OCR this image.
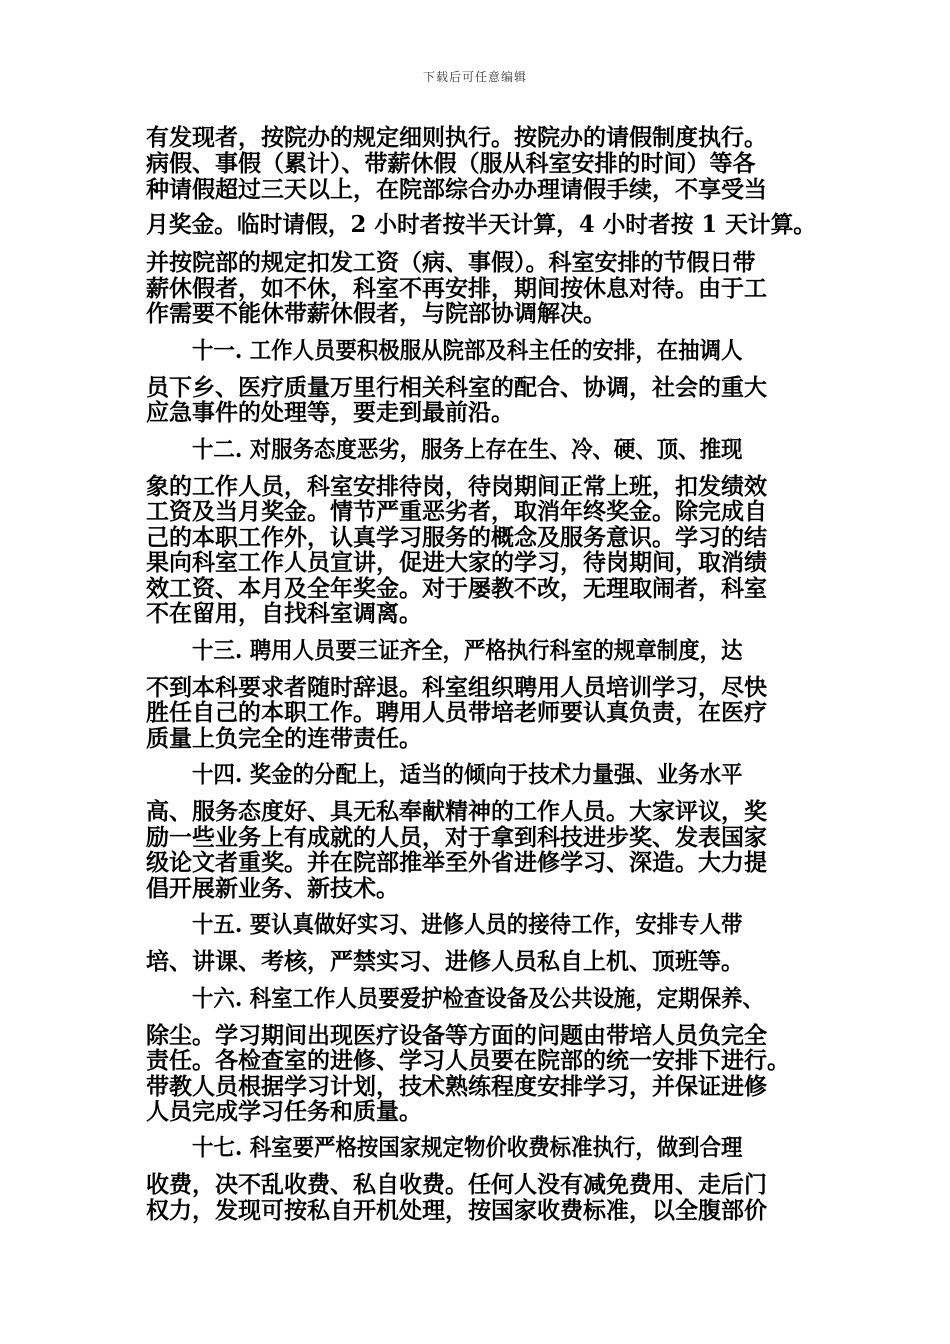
下载后可任意编辑
有发现者，按院办的规定细则执行。按院办的请假制度执行。
病假、事假（累计）、带薪休假（服从科室安排的时间）等各
种请假超过三天以上，在院部综合办办理请假手续，不享受当
月奖金。临时请假，2 小时者按半天计算，4 小时者按 1 天计算。
并按院部的规定扣发工资（病、事假）。科室安排的节假日带
薪休假者，如不休，科室不再安排，期间按休息对待。由于工
作需要不能休带薪休假者，与院部协调解决。
十一. 工作人员要积极服从院部及科主任的安排，在抽调人
员下乡、医疗质量万里行相关科室的配合、协调，社会的重大
应急事件的处理等，要走到最前沿。
十二. 对服务态度恶劣，服务上存在生、冷、硬、顶、推现
象的工作人员，科室安排待岗，待岗期间正常上班，扣发绩效
工资及当月奖金。情节严重恶劣者，取消年终奖金。除完成自
己的本职工作外，认真学习服务的概念及服务意识。学习的结
果向科室工作人员宣讲，促进大家的学习，待岗期间，取消绩
效工资、本月及全年奖金。对于屡教不改，无理取闹者，科室
不在留用，自找科室调离。
十三. 聘用人员要三证齐全，严格执行科室的规章制度，达
不到本科要求者随时辞退。科室组织聘用人员培训学习，尽快
胜任自己的本职工作。聘用人员带培老师要认真负责，在医疗
质量上负完全的连带责任。
十四. 奖金的分配上，适当的倾向于技术力量强、业务水平
高、服务态度好、具无私奉献精神的工作人员。大家评议，奖
励一些业务上有成就的人员，对于拿到科技进步奖、发表国家
级论文者重奖。并在院部推举至外省进修学习、深造。大力提
倡开展新业务、新技术。
十五. 要认真做好实习、进修人员的接待工作，安排专人带
培、讲课、考核，严禁实习、进修人员私自上机、顶班等。
十六. 科室工作人员要爱护检查设备及公共设施，定期保养、
除尘。学习期间出现医疗设备等方面的问题由带培人员负完全
责任。各检查室的进修、学习人员要在院部的统一安排下进行。
带教人员根据学习计划，技术熟练程度安排学习，并保证进修
人员完成学习任务和质量。
十七. 科室要严格按国家规定物价收费标准执行，做到合理
收费，决不乱收费、私自收费。任何人没有减免费用、走后门
权力，发现可按私自开机处理，按国家收费标准，以全腹部价
